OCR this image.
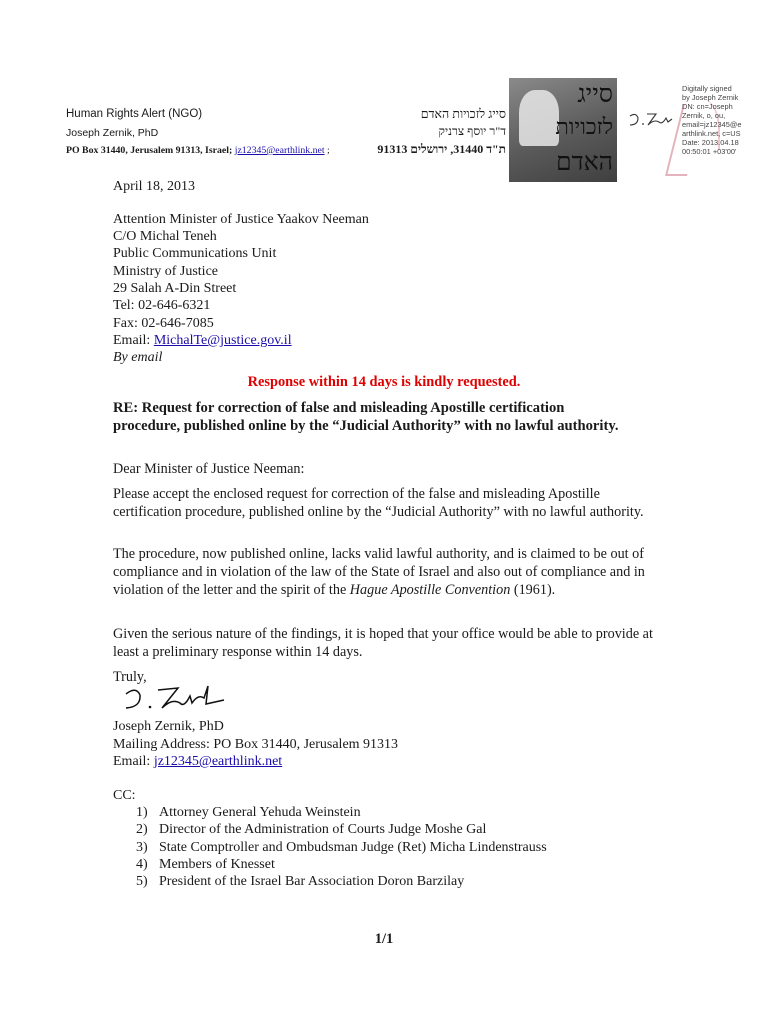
Human Rights Alert (NGO)
Joseph Zernik, PhD
PO Box 31440, Jerusalem 91313, Israel; jz12345@earthlink.net ;
סייג לזכויות האדם
ד"ר יוסף צרניק
ת"ד 31440, ירושלים 91313
סייג
לזכויות
האדם
Digitally signed
by Joseph Zernik
DN: cn=Joseph
Zernik, o, ou,
email=jz12345@e
arthlink.net, c=US
Date: 2013.04.18
00:50:01 +03'00'
April 18, 2013
Attention Minister of Justice Yaakov Neeman
C/O Michal Teneh
Public Communications Unit
Ministry of Justice
29 Salah A-Din Street
Tel: 02-646-6321
Fax: 02-646-7085
Email: MichalTe@justice.gov.il
By email
Response within 14 days is kindly requested.
RE: Request for correction of false and misleading Apostille certification procedure, published online by the “Judicial Authority” with no lawful authority.
Dear Minister of Justice Neeman:
Please accept the enclosed request for correction of the false and misleading Apostille certification procedure, published online by the “Judicial Authority” with no lawful authority.
The procedure, now published online, lacks valid lawful authority, and is claimed to be out of compliance and in violation of the law of the State of Israel and also out of compliance and in violation of the letter and the spirit of the Hague Apostille Convention (1961).
Given the serious nature of the findings, it is hoped that your office would be able to provide at least a preliminary response within 14 days.
Truly,
Joseph Zernik, PhD
Mailing Address: PO Box 31440, Jerusalem 91313
Email: jz12345@earthlink.net
CC:
1) Attorney General Yehuda Weinstein
2) Director of the Administration of Courts Judge Moshe Gal
3) State Comptroller and Ombudsman Judge (Ret) Micha Lindenstrauss
4) Members of Knesset
5) President of the Israel Bar Association Doron Barzilay
1/1
